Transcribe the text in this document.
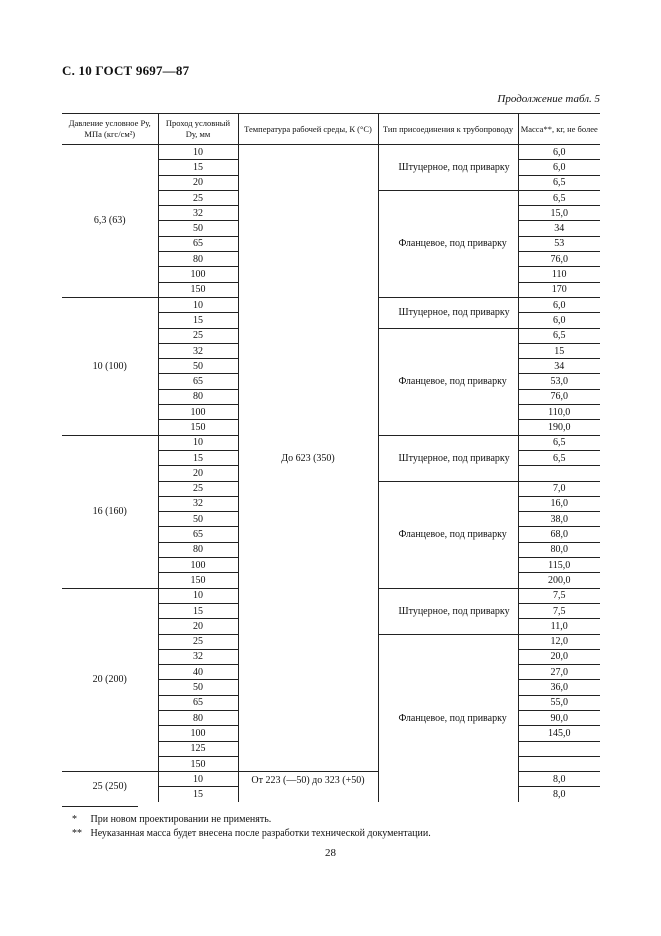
С. 10 ГОСТ 9697—87
Продолжение табл. 5
Давление условное Pу, МПа (кгс/см²)	Проход условный Dу, мм	Температура рабочей среды, К (°С)	Тип присоединения к трубопроводу	Масса**, кг, не более
6,3 (63)	10	До 623 (350)	Штуцерное, под приварку	6,0
	15			6,0
	20			6,5
	25		Фланцевое, под приварку	6,5
	32			15,0
	50			34
	65			53
	80			76,0
	100			110
	150			170
10 (100)	10		Штуцерное, под приварку	6,0
	15			6,0
	25		Фланцевое, под приварку	6,5
	32			15
	50			34
	65			53,0
	80			76,0
	100			110,0
	150			190,0
16 (160)	10		Штуцерное, под приварку	6,5
	15			6,5
	20			
	25		Фланцевое, под приварку	7,0
	32			16,0
	50			38,0
	65			68,0
	80			80,0
	100			115,0
	150			200,0
20 (200)	10		Штуцерное, под приварку	7,5
	15			7,5
	20			11,0
	25		Фланцевое, под приварку	12,0
	32			20,0
	40			27,0
	50			36,0
	65			55,0
	80			90,0
	100			145,0
	125			
	150			
25 (250)	10	От 223 (—50) до 323 (+50)		8,0
	15			8,0
* При новом проектировании не применять.
** Неуказанная масса будет внесена после разработки технической документации.
28
